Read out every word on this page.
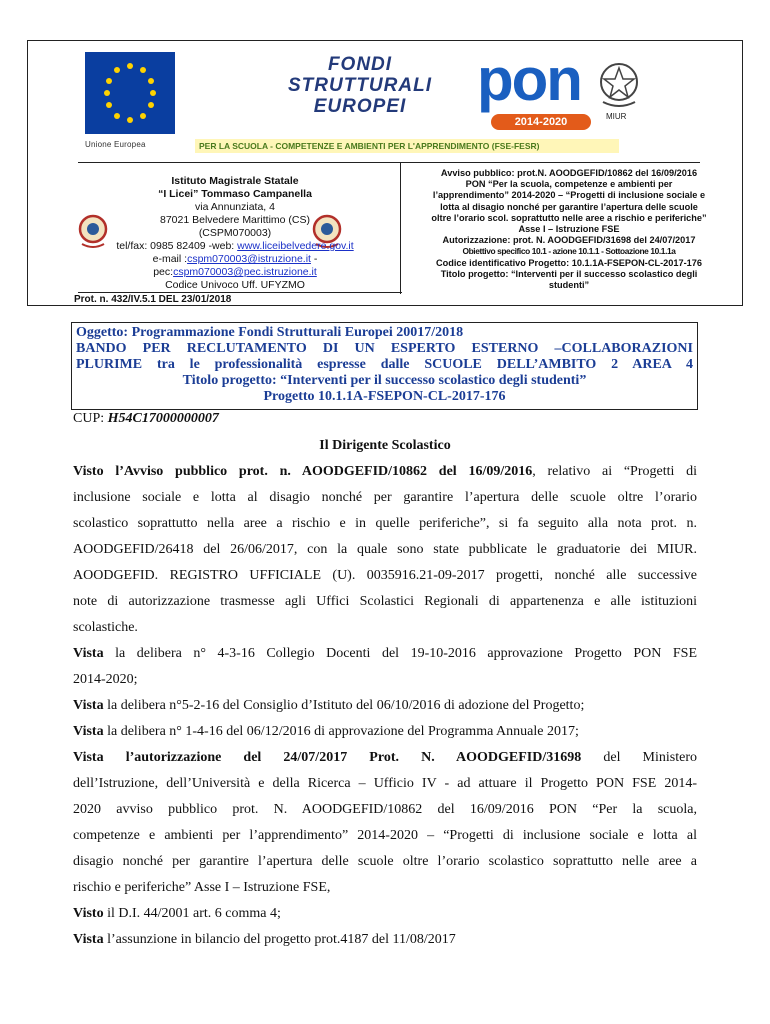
Unione Europea
FONDI
STRUTTURALI
EUROPEI	pon
2014-2020	MIUR
PER LA SCUOLA - COMPETENZE E AMBIENTI PER L'APPRENDIMENTO (FSE-FESR)
Istituto Magistrale Statale
“I Licei” Tommaso Campanella
via Annunziata, 4
87021 Belvedere Marittimo (CS)
(CSPM070003)
tel/fax: 0985 82409 -web: www.liceibelvedere.gov.it
e-mail :cspm070003@istruzione.it -
pec:cspm070003@pec.istruzione.it
Codice Univoco Uff. UFYZMO
Avviso pubblico: prot.N. AOODGEFID/10862 del 16/09/2016
PON “Per la scuola, competenze e ambienti per
l’apprendimento” 2014-2020 – “Progetti di inclusione sociale e
lotta al disagio nonché per garantire l’apertura delle scuole
oltre l’orario scol. soprattutto nelle aree a rischio e periferiche”
Asse I – Istruzione FSE
Autorizzazione: prot. N. AOODGEFID/31698 del 24/07/2017
Obiettivo specifico 10.1 - azione 10.1.1 - Sottoazione 10.1.1a
Codice identificativo Progetto: 10.1.1A-FSEPON-CL-2017-176
Titolo progetto: “Interventi per il successo scolastico degli
studenti”
Prot. n. 432/IV.5.1 DEL 23/01/2018
Oggetto: Programmazione Fondi Strutturali Europei 20017/2018
BANDO PER RECLUTAMENTO DI UN ESPERTO ESTERNO –COLLABORAZIONI
PLURIME tra le professionalità espresse dalle SCUOLE DELL’AMBITO 2 AREA 4
Titolo progetto: “Interventi per il successo scolastico degli studenti”
Progetto 10.1.1A-FSEPON-CL-2017-176
CUP: H54C17000000007
Il Dirigente Scolastico

Visto l’Avviso pubblico prot. n. AOODGEFID/10862 del 16/09/2016, relativo ai “Progetti di

inclusione sociale e lotta al disagio nonché per garantire l’apertura delle scuole oltre l’orario

scolastico soprattutto nella aree a rischio e in quelle periferiche”, si fa seguito alla nota prot. n.

AOODGEFID/26418 del 26/06/2017, con la quale sono state pubblicate le graduatorie dei MIUR.

AOODGEFID. REGISTRO UFFICIALE (U). 0035916.21-09-2017 progetti, nonché alle successive

note di autorizzazione trasmesse agli Uffici Scolastici Regionali di appartenenza e alle istituzioni

scolastiche.

Vista la delibera n° 4-3-16 Collegio Docenti del 19-10-2016 approvazione Progetto PON FSE

2014-2020;

Vista la delibera n°5-2-16 del Consiglio d’Istituto del 06/10/2016 di adozione del Progetto;

Vista la delibera n° 1-4-16 del 06/12/2016 di approvazione del Programma Annuale 2017;

Vista l’autorizzazione del 24/07/2017 Prot. N. AOODGEFID/31698 del Ministero

dell’Istruzione, dell’Università e della Ricerca – Ufficio IV - ad attuare il Progetto PON FSE 2014-

2020 avviso pubblico prot. N. AOODGEFID/10862 del 16/09/2016 PON “Per la scuola,

competenze e ambienti per l’apprendimento” 2014-2020 – “Progetti di inclusione sociale e lotta al

disagio nonché per garantire l’apertura delle scuole oltre l’orario scolastico soprattutto nelle aree a

rischio e periferiche” Asse I – Istruzione FSE,

Visto il D.I. 44/2001 art. 6 comma 4;

Vista l’assunzione in bilancio del progetto prot.4187 del 11/08/2017
